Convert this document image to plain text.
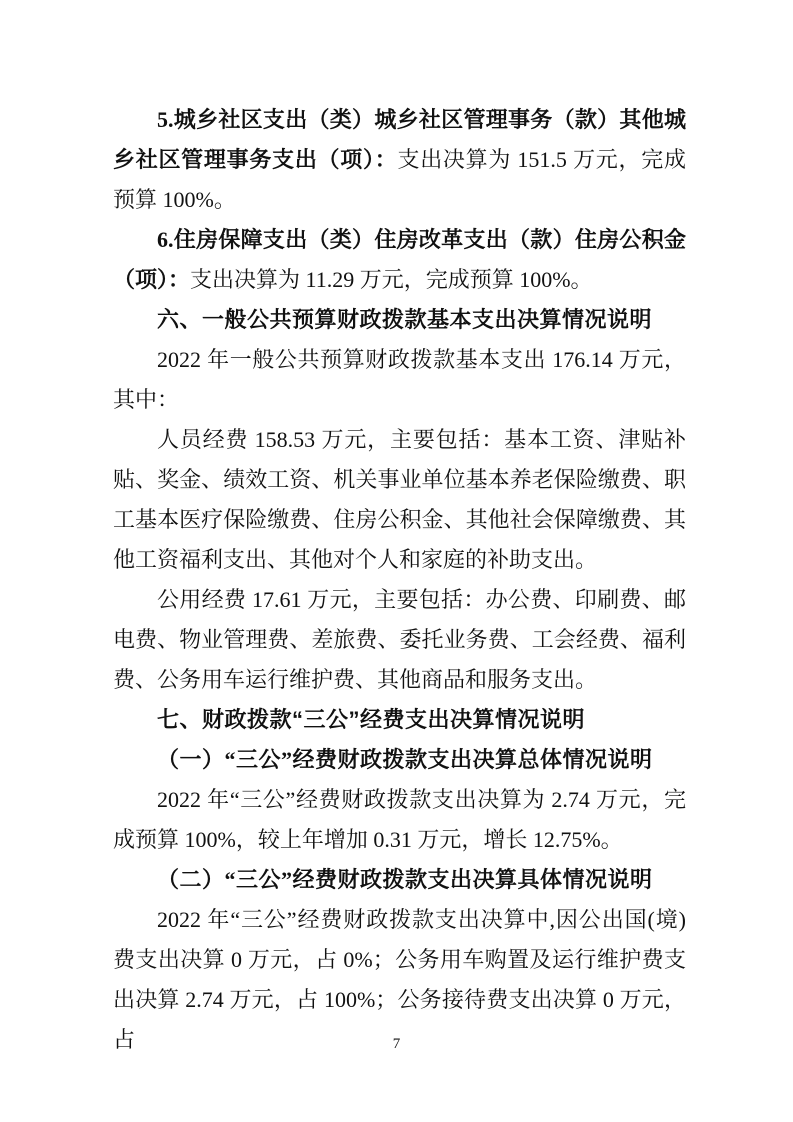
5.城乡社区支出（类）城乡社区管理事务（款）其他城乡社区管理事务支出（项）：支出决算为 151.5 万元，完成预算 100%。

6.住房保障支出（类）住房改革支出（款）住房公积金（项）：支出决算为 11.29 万元，完成预算 100%。

六、一般公共预算财政拨款基本支出决算情况说明

2022 年一般公共预算财政拨款基本支出 176.14 万元，其中：

人员经费 158.53 万元，主要包括：基本工资、津贴补贴、奖金、绩效工资、机关事业单位基本养老保险缴费、职工基本医疗保险缴费、住房公积金、其他社会保障缴费、其他工资福利支出、其他对个人和家庭的补助支出。

公用经费 17.61 万元，主要包括：办公费、印刷费、邮电费、物业管理费、差旅费、委托业务费、工会经费、福利费、公务用车运行维护费、其他商品和服务支出。

七、财政拨款“三公”经费支出决算情况说明

（一）“三公”经费财政拨款支出决算总体情况说明

2022 年“三公”经费财政拨款支出决算为 2.74 万元，完成预算 100%，较上年增加 0.31 万元，增长 12.75%。

（二）“三公”经费财政拨款支出决算具体情况说明

2022 年“三公”经费财政拨款支出决算中,因公出国(境)费支出决算 0 万元，占 0%；公务用车购置及运行维护费支出决算 2.74 万元，占 100%；公务接待费支出决算 0 万元，占	7
